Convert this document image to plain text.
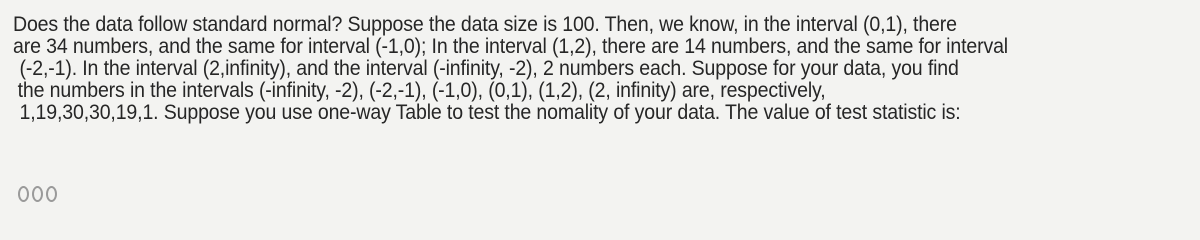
Does the data follow standard normal? Suppose the data size is 100. Then, we know, in the interval (0,1), there
are 34 numbers, and the same for interval (-1,0); In the interval (1,2), there are 14 numbers, and the same for interval
(-2,-1). In the interval (2,infinity), and the interval (-infinity, -2), 2 numbers each. Suppose for your data, you find
the numbers in the intervals (-infinity, -2), (-2,-1), (-1,0), (0,1), (1,2), (2, infinity) are, respectively,
1,19,30,30,19,1. Suppose you use one-way Table to test the nomality of your data. The value of test statistic is:
